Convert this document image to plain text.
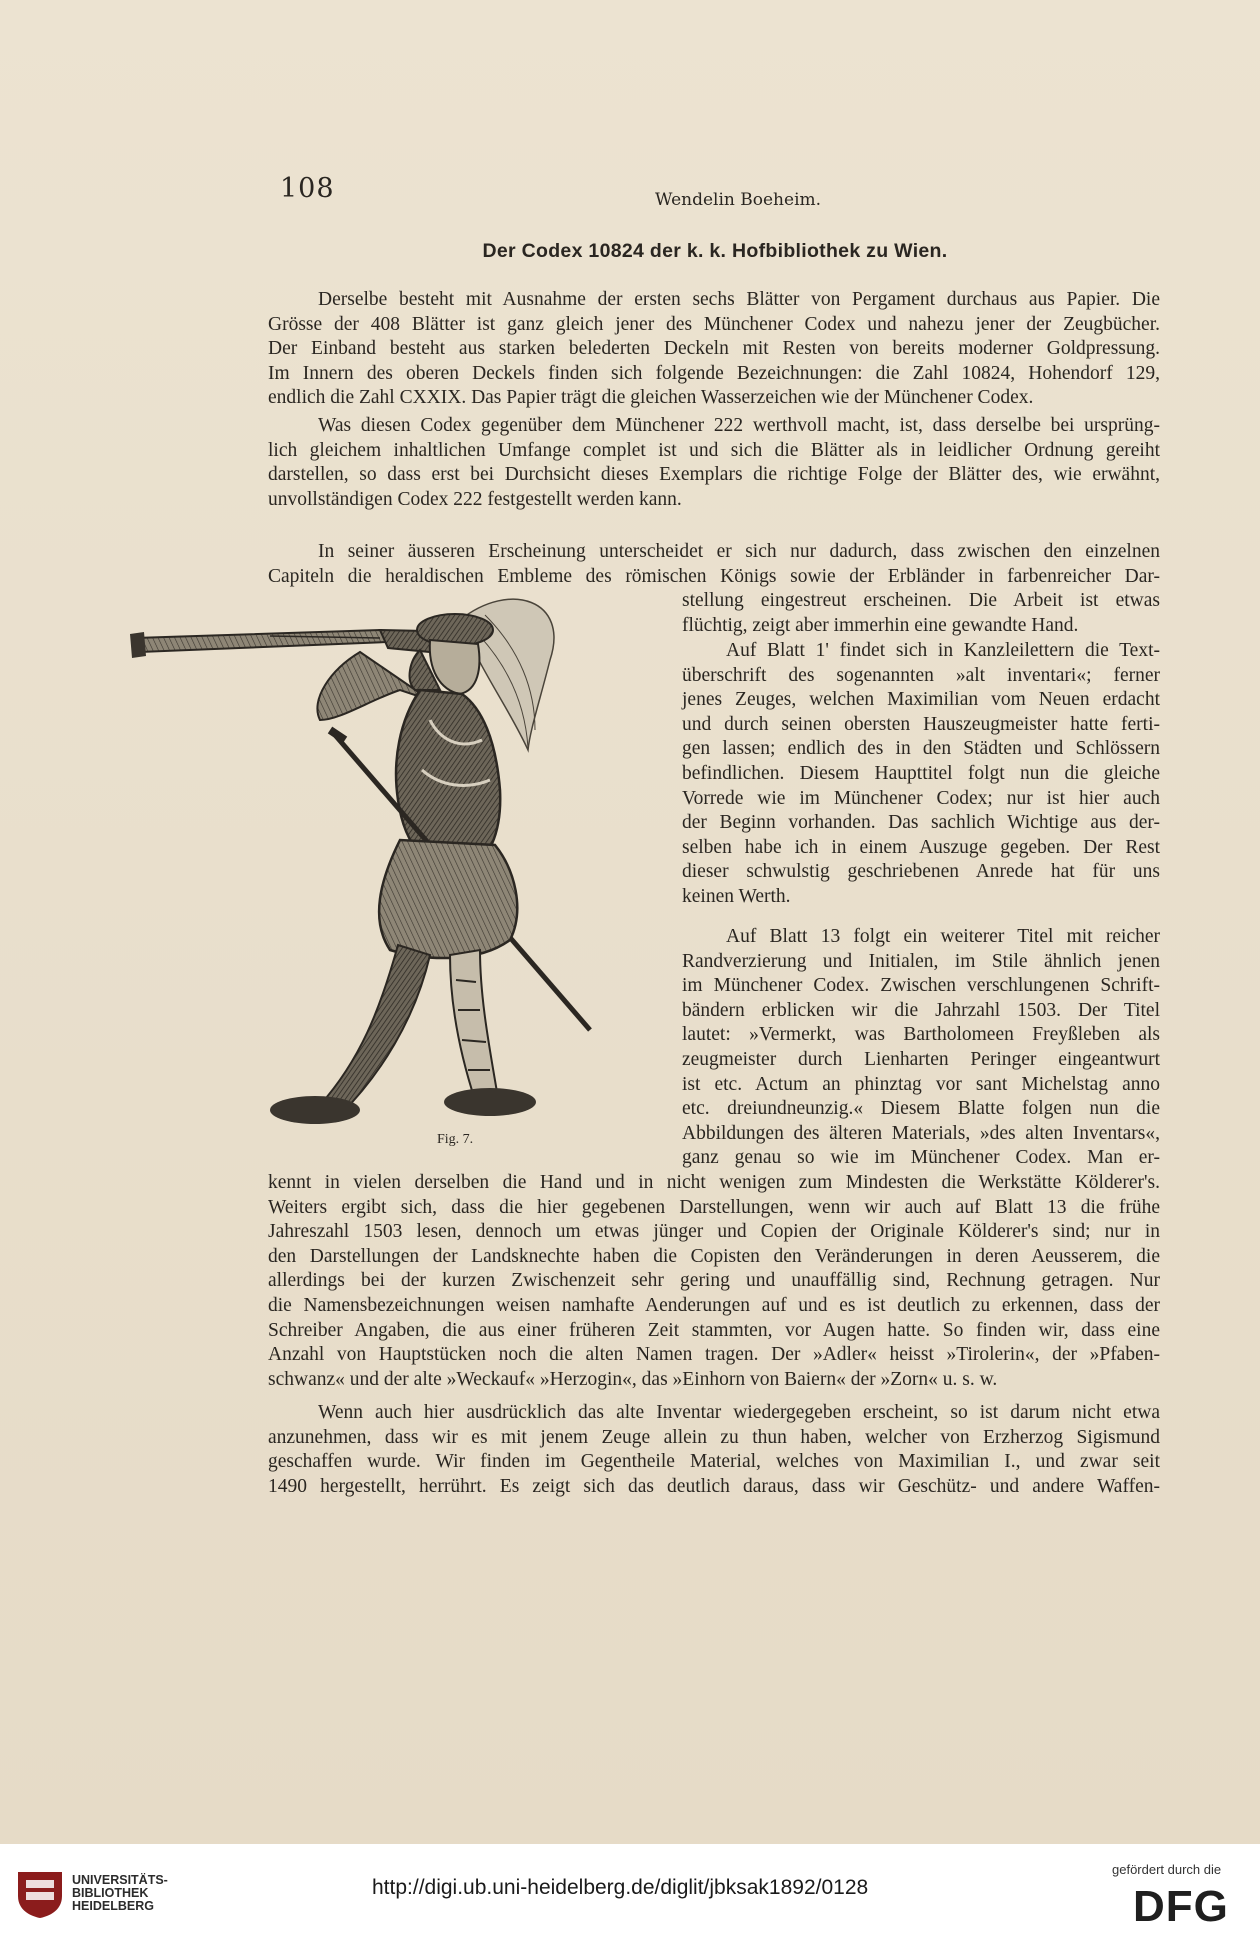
108	Wendelin Boeheim.
Der Codex 10824 der k. k. Hofbibliothek zu Wien.
Derselbe besteht mit Ausnahme der ersten sechs Blätter von Pergament durchaus aus Papier. Die
Grösse der 408 Blätter ist ganz gleich jener des Münchener Codex und nahezu jener der Zeugbücher.
Der Einband besteht aus starken belederten Deckeln mit Resten von bereits moderner Goldpressung.
Im Innern des oberen Deckels finden sich folgende Bezeichnungen: die Zahl 10824, Hohendorf 129,
endlich die Zahl CXXIX. Das Papier trägt die gleichen Wasserzeichen wie der Münchener Codex.
Was diesen Codex gegenüber dem Münchener 222 werthvoll macht, ist, dass derselbe bei ursprüng-
lich gleichem inhaltlichen Umfange complet ist und sich die Blätter als in leidlicher Ordnung gereiht
darstellen, so dass erst bei Durchsicht dieses Exemplars die richtige Folge der Blätter des, wie erwähnt,
unvollständigen Codex 222 festgestellt werden kann.
In seiner äusseren Erscheinung unterscheidet er sich nur dadurch, dass zwischen den einzelnen
Capiteln die heraldischen Embleme des römischen Königs sowie der Erbländer in farbenreicher Dar-
stellung eingestreut erscheinen. Die Arbeit ist etwas
flüchtig, zeigt aber immerhin eine gewandte Hand.
Auf Blatt 1' findet sich in Kanzleilettern die Text-
überschrift des sogenannten »alt inventari«; ferner
jenes Zeuges, welchen Maximilian vom Neuen erdacht
und durch seinen obersten Hauszeugmeister hatte ferti-
gen lassen; endlich des in den Städten und Schlössern
befindlichen. Diesem Haupttitel folgt nun die gleiche
Vorrede wie im Münchener Codex; nur ist hier auch
der Beginn vorhanden. Das sachlich Wichtige aus der-
selben habe ich in einem Auszuge gegeben. Der Rest
dieser schwulstig geschriebenen Anrede hat für uns
keinen Werth.
Auf Blatt 13 folgt ein weiterer Titel mit reicher
Randverzierung und Initialen, im Stile ähnlich jenen
im Münchener Codex. Zwischen verschlungenen Schrift-
bändern erblicken wir die Jahrzahl 1503. Der Titel
lautet: »Vermerkt, was Bartholomeen Freyßleben als
zeugmeister durch Lienharten Peringer eingeantwurt
ist etc. Actum an phinztag vor sant Michelstag anno
etc. dreiundneunzig.« Diesem Blatte folgen nun die
Abbildungen des älteren Materials, »des alten Inventars«,
ganz genau so wie im Münchener Codex. Man er-
kennt in vielen derselben die Hand und in nicht wenigen zum Mindesten die Werkstätte Kölderer's.
Weiters ergibt sich, dass die hier gegebenen Darstellungen, wenn wir auch auf Blatt 13 die frühe
Jahreszahl 1503 lesen, dennoch um etwas jünger und Copien der Originale Kölderer's sind; nur in
den Darstellungen der Landsknechte haben die Copisten den Veränderungen in deren Aeusserem, die
allerdings bei der kurzen Zwischenzeit sehr gering und unauffällig sind, Rechnung getragen. Nur
die Namensbezeichnungen weisen namhafte Aenderungen auf und es ist deutlich zu erkennen, dass der
Schreiber Angaben, die aus einer früheren Zeit stammten, vor Augen hatte. So finden wir, dass eine
Anzahl von Hauptstücken noch die alten Namen tragen. Der »Adler« heisst »Tirolerin«, der »Pfaben-
schwanz« und der alte »Weckauf« »Herzogin«, das »Einhorn von Baiern« der »Zorn« u. s. w.
Wenn auch hier ausdrücklich das alte Inventar wiedergegeben erscheint, so ist darum nicht etwa
anzunehmen, dass wir es mit jenem Zeuge allein zu thun haben, welcher von Erzherzog Sigismund
geschaffen wurde. Wir finden im Gegentheile Material, welches von Maximilian I., und zwar seit
1490 hergestellt, herrührt. Es zeigt sich das deutlich daraus, dass wir Geschütz- und andere Waffen-
Fig. 7.
UNIVERSITÄTS-
BIBLIOTHEK
HEIDELBERG
http://digi.ub.uni-heidelberg.de/diglit/jbksak1892/0128
gefördert durch die
DFG
